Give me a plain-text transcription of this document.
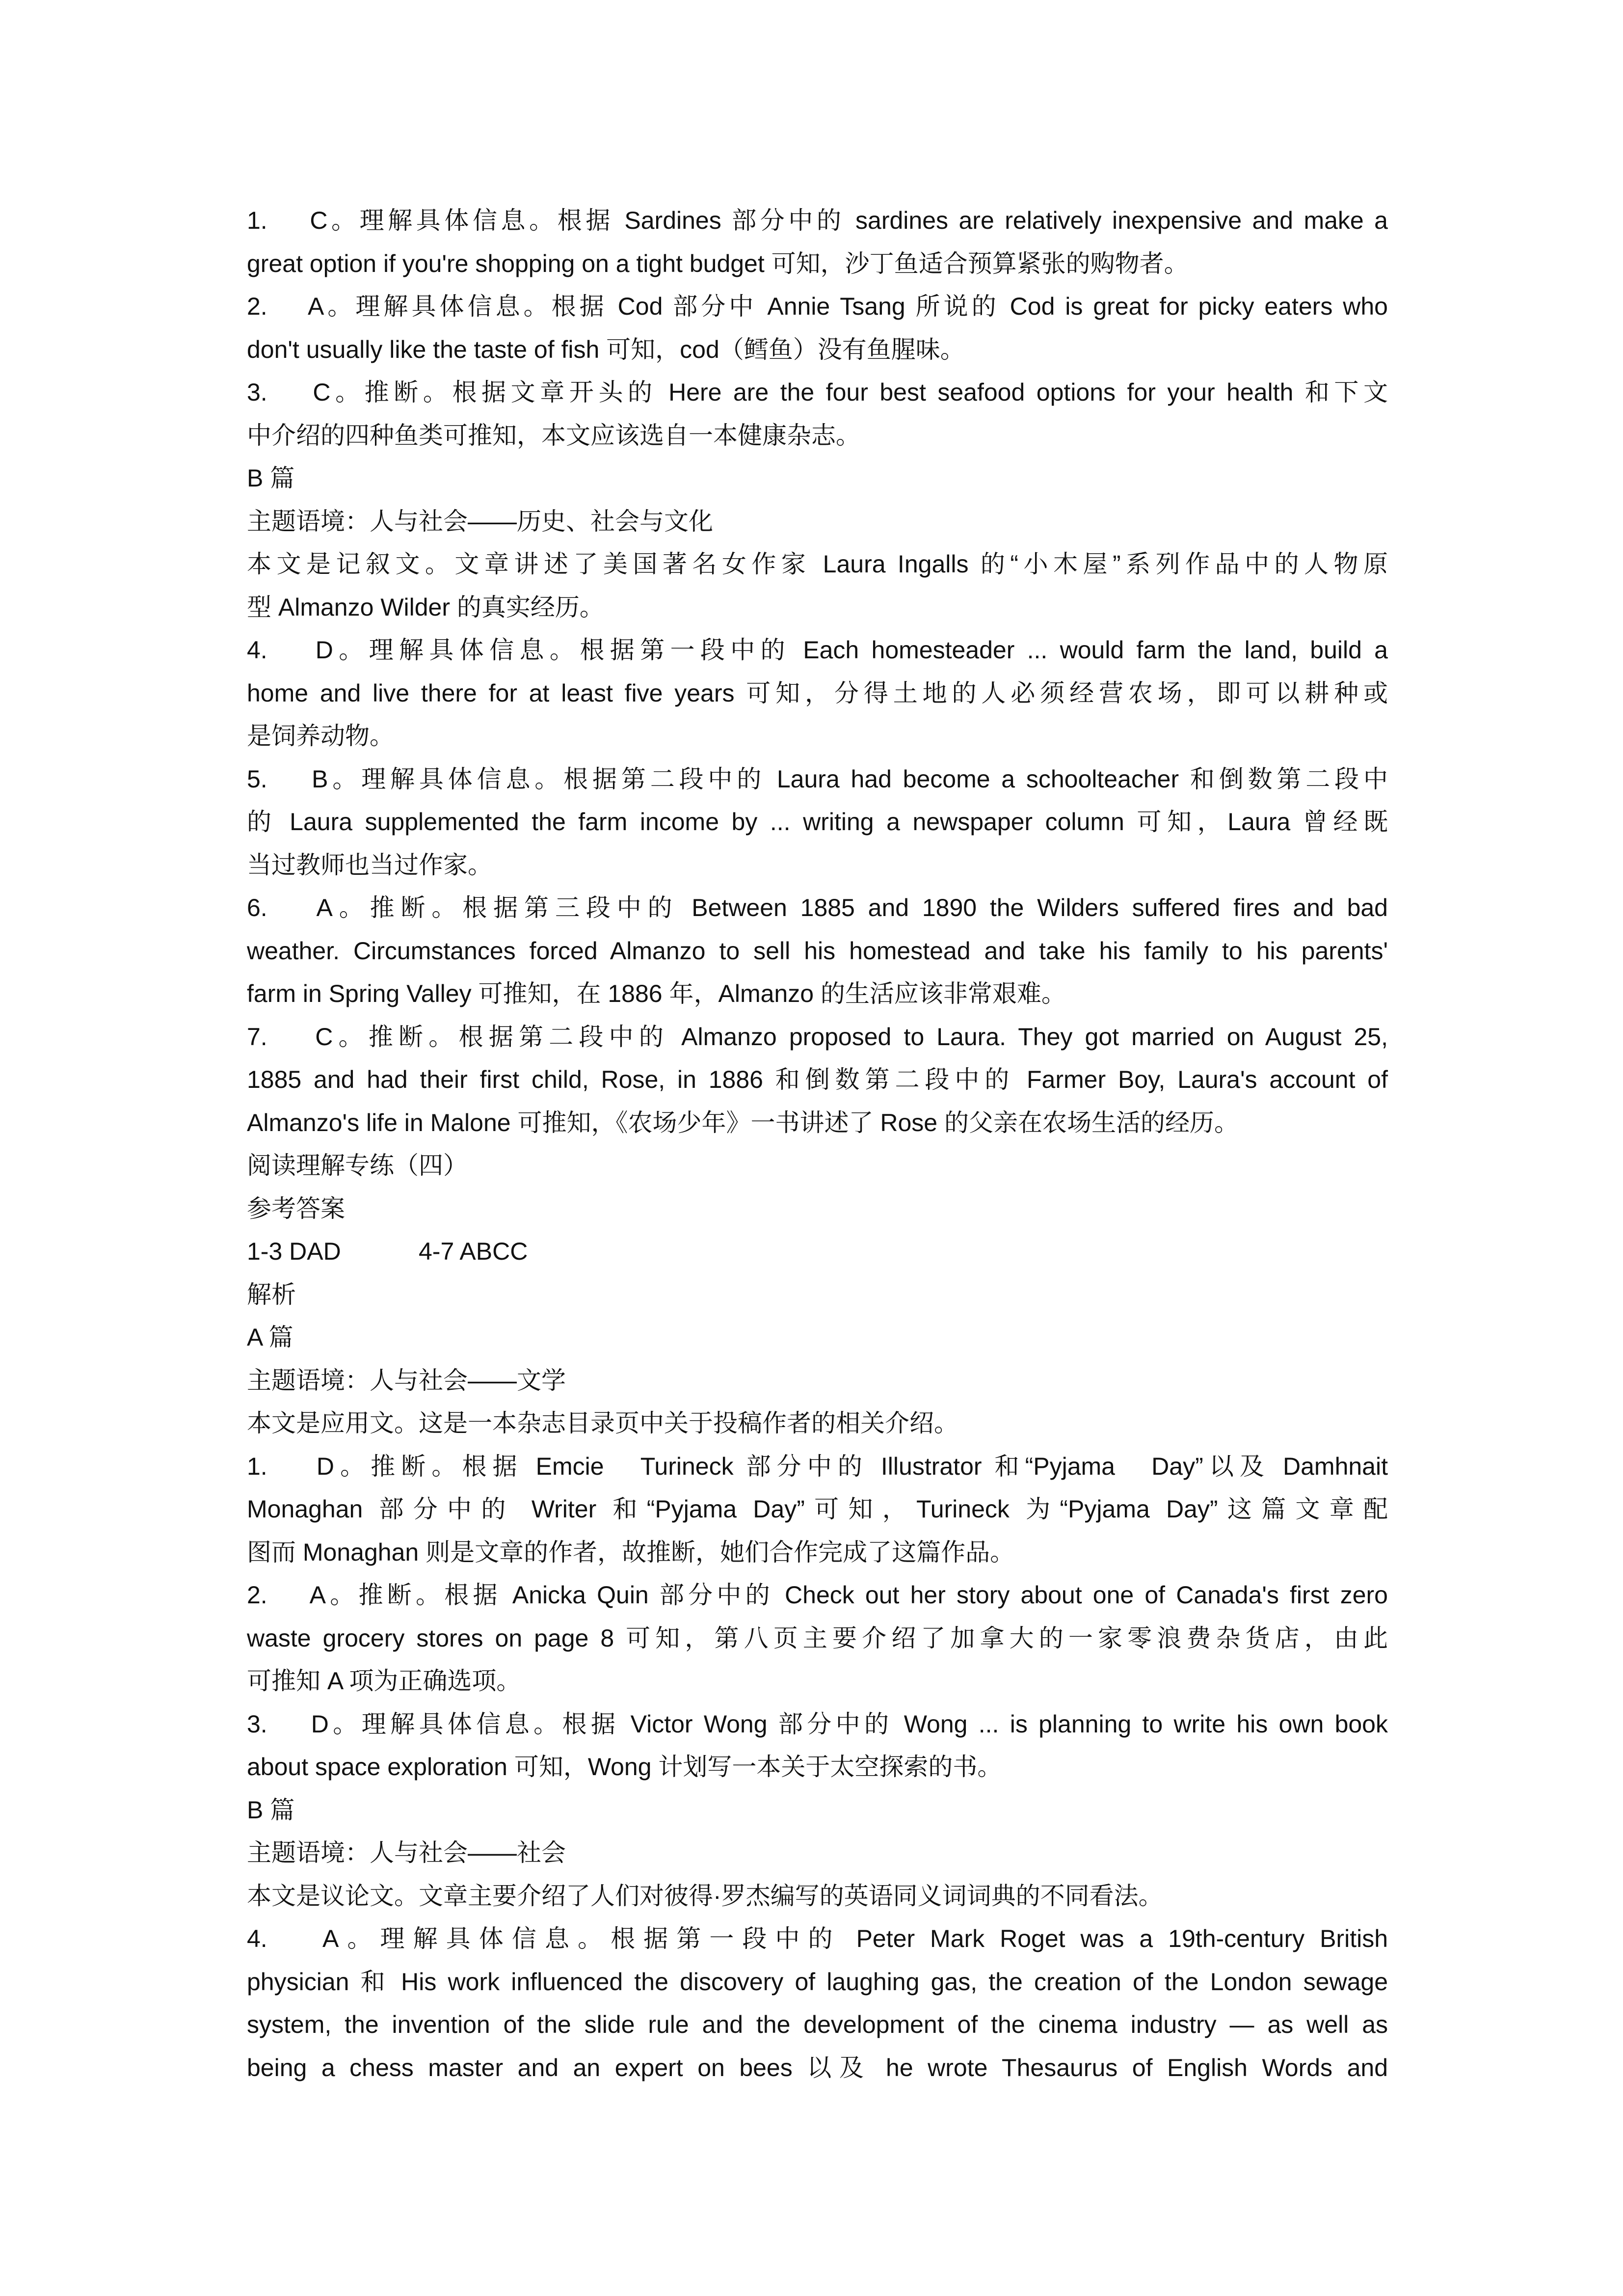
1.　 C。理解具体信息。根据 Sardines 部分中的 sardines are relatively inexpensive and make a
great option if you're shopping on a tight budget 可知，沙丁鱼适合预算紧张的购物者。
2.　 A。理解具体信息。根据 Cod 部分中 Annie Tsang 所说的 Cod is great for picky eaters who
don't usually like the taste of fish 可知，cod（鳕鱼）没有鱼腥味。
3.　 C。推断。根据文章开头的 Here are the four best seafood options for your health 和下文
中介绍的四种鱼类可推知，本文应该选自一本健康杂志。
B 篇
主题语境：人与社会——历史、社会与文化
本文是记叙文。文章讲述了美国著名女作家 Laura Ingalls 的“小木屋”系列作品中的人物原
型 Almanzo Wilder 的真实经历。
4.　 D。理解具体信息。根据第一段中的 Each homesteader ... would farm the land, build a
home and live there for at least five years 可知，分得土地的人必须经营农场，即可以耕种或
是饲养动物。
5.　 B。理解具体信息。根据第二段中的 Laura had become a schoolteacher 和倒数第二段中
的 Laura supplemented the farm income by ... writing a newspaper column 可知，Laura 曾经既
当过教师也当过作家。
6.　 A。推断。根据第三段中的 Between 1885 and 1890 the Wilders suffered fires and bad
weather. Circumstances forced Almanzo to sell his homestead and take his family to his parents'
farm in Spring Valley 可推知，在 1886 年，Almanzo 的生活应该非常艰难。
7.　 C。推断。根据第二段中的 Almanzo proposed to Laura. They got married on August 25,
1885 and had their first child, Rose, in 1886 和倒数第二段中的 Farmer Boy, Laura's account of
Almanzo's life in Malone 可推知，《农场少年》一书讲述了 Rose 的父亲在农场生活的经历。
阅读理解专练（四）
参考答案
1-3 DAD	4-7 ABCC
解析
A 篇
主题语境：人与社会——文学
本文是应用文。这是一本杂志目录页中关于投稿作者的相关介绍。
1.　 D。推断。根据 Emcie　Turineck 部分中的 Illustrator 和“Pyjama　Day”以及 Damhnait
Monaghan 部分中的 Writer 和“Pyjama Day”可知，Turineck 为“Pyjama Day”这篇文章配
图而 Monaghan 则是文章的作者，故推断，她们合作完成了这篇作品。
2.　 A。推断。根据 Anicka Quin 部分中的 Check out her story about one of Canada's first zero
waste grocery stores on page 8 可知，第八页主要介绍了加拿大的一家零浪费杂货店，由此
可推知 A 项为正确选项。
3.　 D。理解具体信息。根据 Victor Wong 部分中的 Wong ... is planning to write his own book
about space exploration 可知，Wong 计划写一本关于太空探索的书。
B 篇
主题语境：人与社会——社会
本文是议论文。文章主要介绍了人们对彼得·罗杰编写的英语同义词词典的不同看法。
4.　 A。理解具体信息。根据第一段中的 Peter Mark Roget was a 19th-century British
physician 和 His work influenced the discovery of laughing gas, the creation of the London sewage
system, the invention of the slide rule and the development of the cinema industry — as well as
being a chess master and an expert on bees 以及 he wrote Thesaurus of English Words and
